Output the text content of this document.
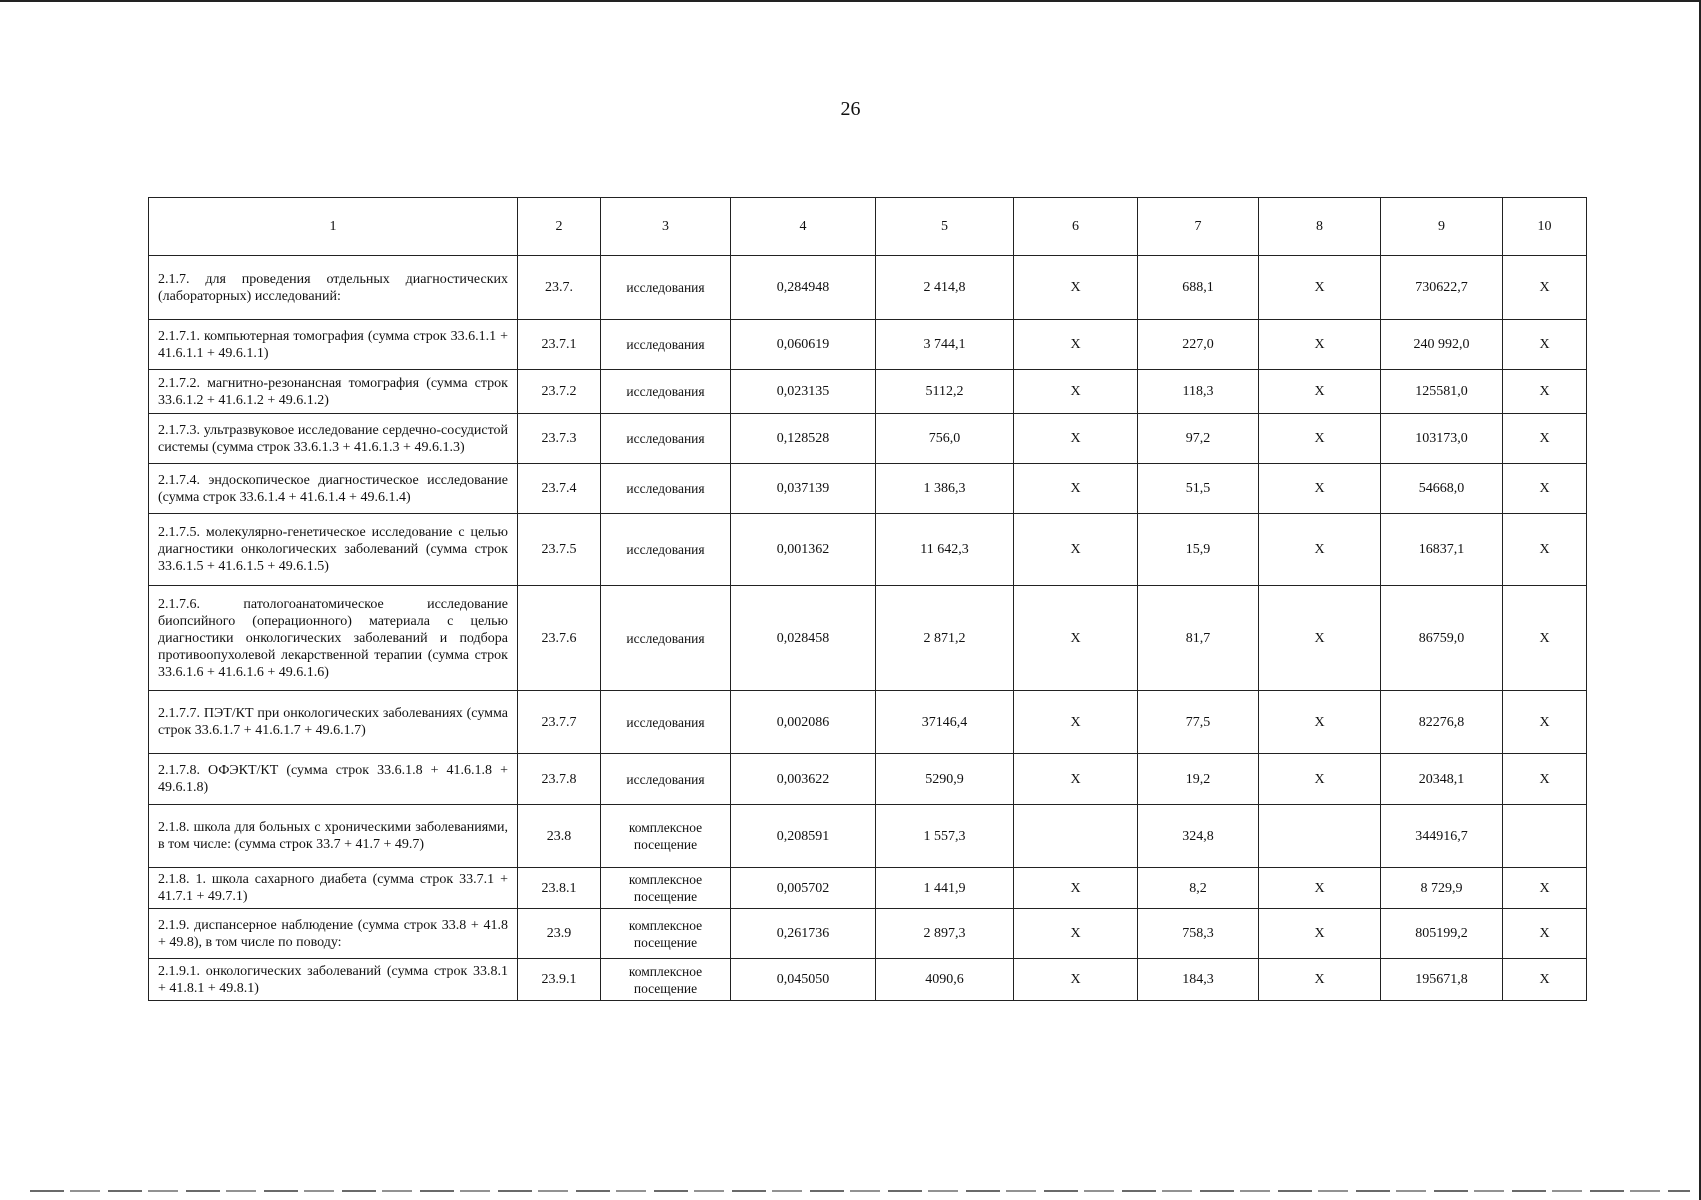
26
1	2	3	4	5	6	7	8	9	10
2.1.7. для проведения отдельных диагностических (лабораторных) исследований:	23.7.	исследования	0,284948	2 414,8	Х	688,1	Х	730622,7	Х
2.1.7.1. компьютерная томография (сумма строк 33.6.1.1 + 41.6.1.1 + 49.6.1.1)	23.7.1	исследования	0,060619	3 744,1	Х	227,0	Х	240 992,0	Х
2.1.7.2. магнитно-резонансная томография (сумма строк 33.6.1.2 + 41.6.1.2 + 49.6.1.2)	23.7.2	исследования	0,023135	5112,2	Х	118,3	Х	125581,0	Х
2.1.7.3. ультразвуковое исследование сердечно-сосудистой системы (сумма строк 33.6.1.3 + 41.6.1.3 + 49.6.1.3)	23.7.3	исследования	0,128528	756,0	Х	97,2	Х	103173,0	Х
2.1.7.4. эндоскопическое диагностическое исследование (сумма строк 33.6.1.4 + 41.6.1.4 + 49.6.1.4)	23.7.4	исследования	0,037139	1 386,3	Х	51,5	Х	54668,0	Х
2.1.7.5. молекулярно-генетическое исследование с целью диагностики онкологических заболеваний (сумма строк 33.6.1.5 + 41.6.1.5 + 49.6.1.5)	23.7.5	исследования	0,001362	11 642,3	Х	15,9	Х	16837,1	Х
2.1.7.6. патологоанатомическое исследование биопсийного (операционного) материала с целью диагностики онкологических заболеваний и подбора противоопухолевой лекарственной терапии (сумма строк 33.6.1.6 + 41.6.1.6 + 49.6.1.6)	23.7.6	исследования	0,028458	2 871,2	Х	81,7	Х	86759,0	Х
2.1.7.7. ПЭТ/КТ при онкологических заболеваниях (сумма строк 33.6.1.7 + 41.6.1.7 + 49.6.1.7)	23.7.7	исследования	0,002086	37146,4	Х	77,5	Х	82276,8	Х
2.1.7.8. ОФЭКТ/КТ (сумма строк 33.6.1.8 + 41.6.1.8 + 49.6.1.8)	23.7.8	исследования	0,003622	5290,9	Х	19,2	Х	20348,1	Х
2.1.8. школа для больных с хроническими заболеваниями, в том числе: (сумма строк 33.7 + 41.7 + 49.7)	23.8	комплексное посещение	0,208591	1 557,3		324,8		344916,7	
2.1.8. 1. школа сахарного диабета (сумма строк 33.7.1 + 41.7.1 + 49.7.1)	23.8.1	комплексное посещение	0,005702	1 441,9	Х	8,2	Х	8 729,9	Х
2.1.9. диспансерное наблюдение (сумма строк 33.8 + 41.8 + 49.8), в том числе по поводу:	23.9	комплексное посещение	0,261736	2 897,3	Х	758,3	Х	805199,2	Х
2.1.9.1. онкологических заболеваний (сумма строк 33.8.1 + 41.8.1 + 49.8.1)	23.9.1	комплексное посещение	0,045050	4090,6	Х	184,3	Х	195671,8	Х
